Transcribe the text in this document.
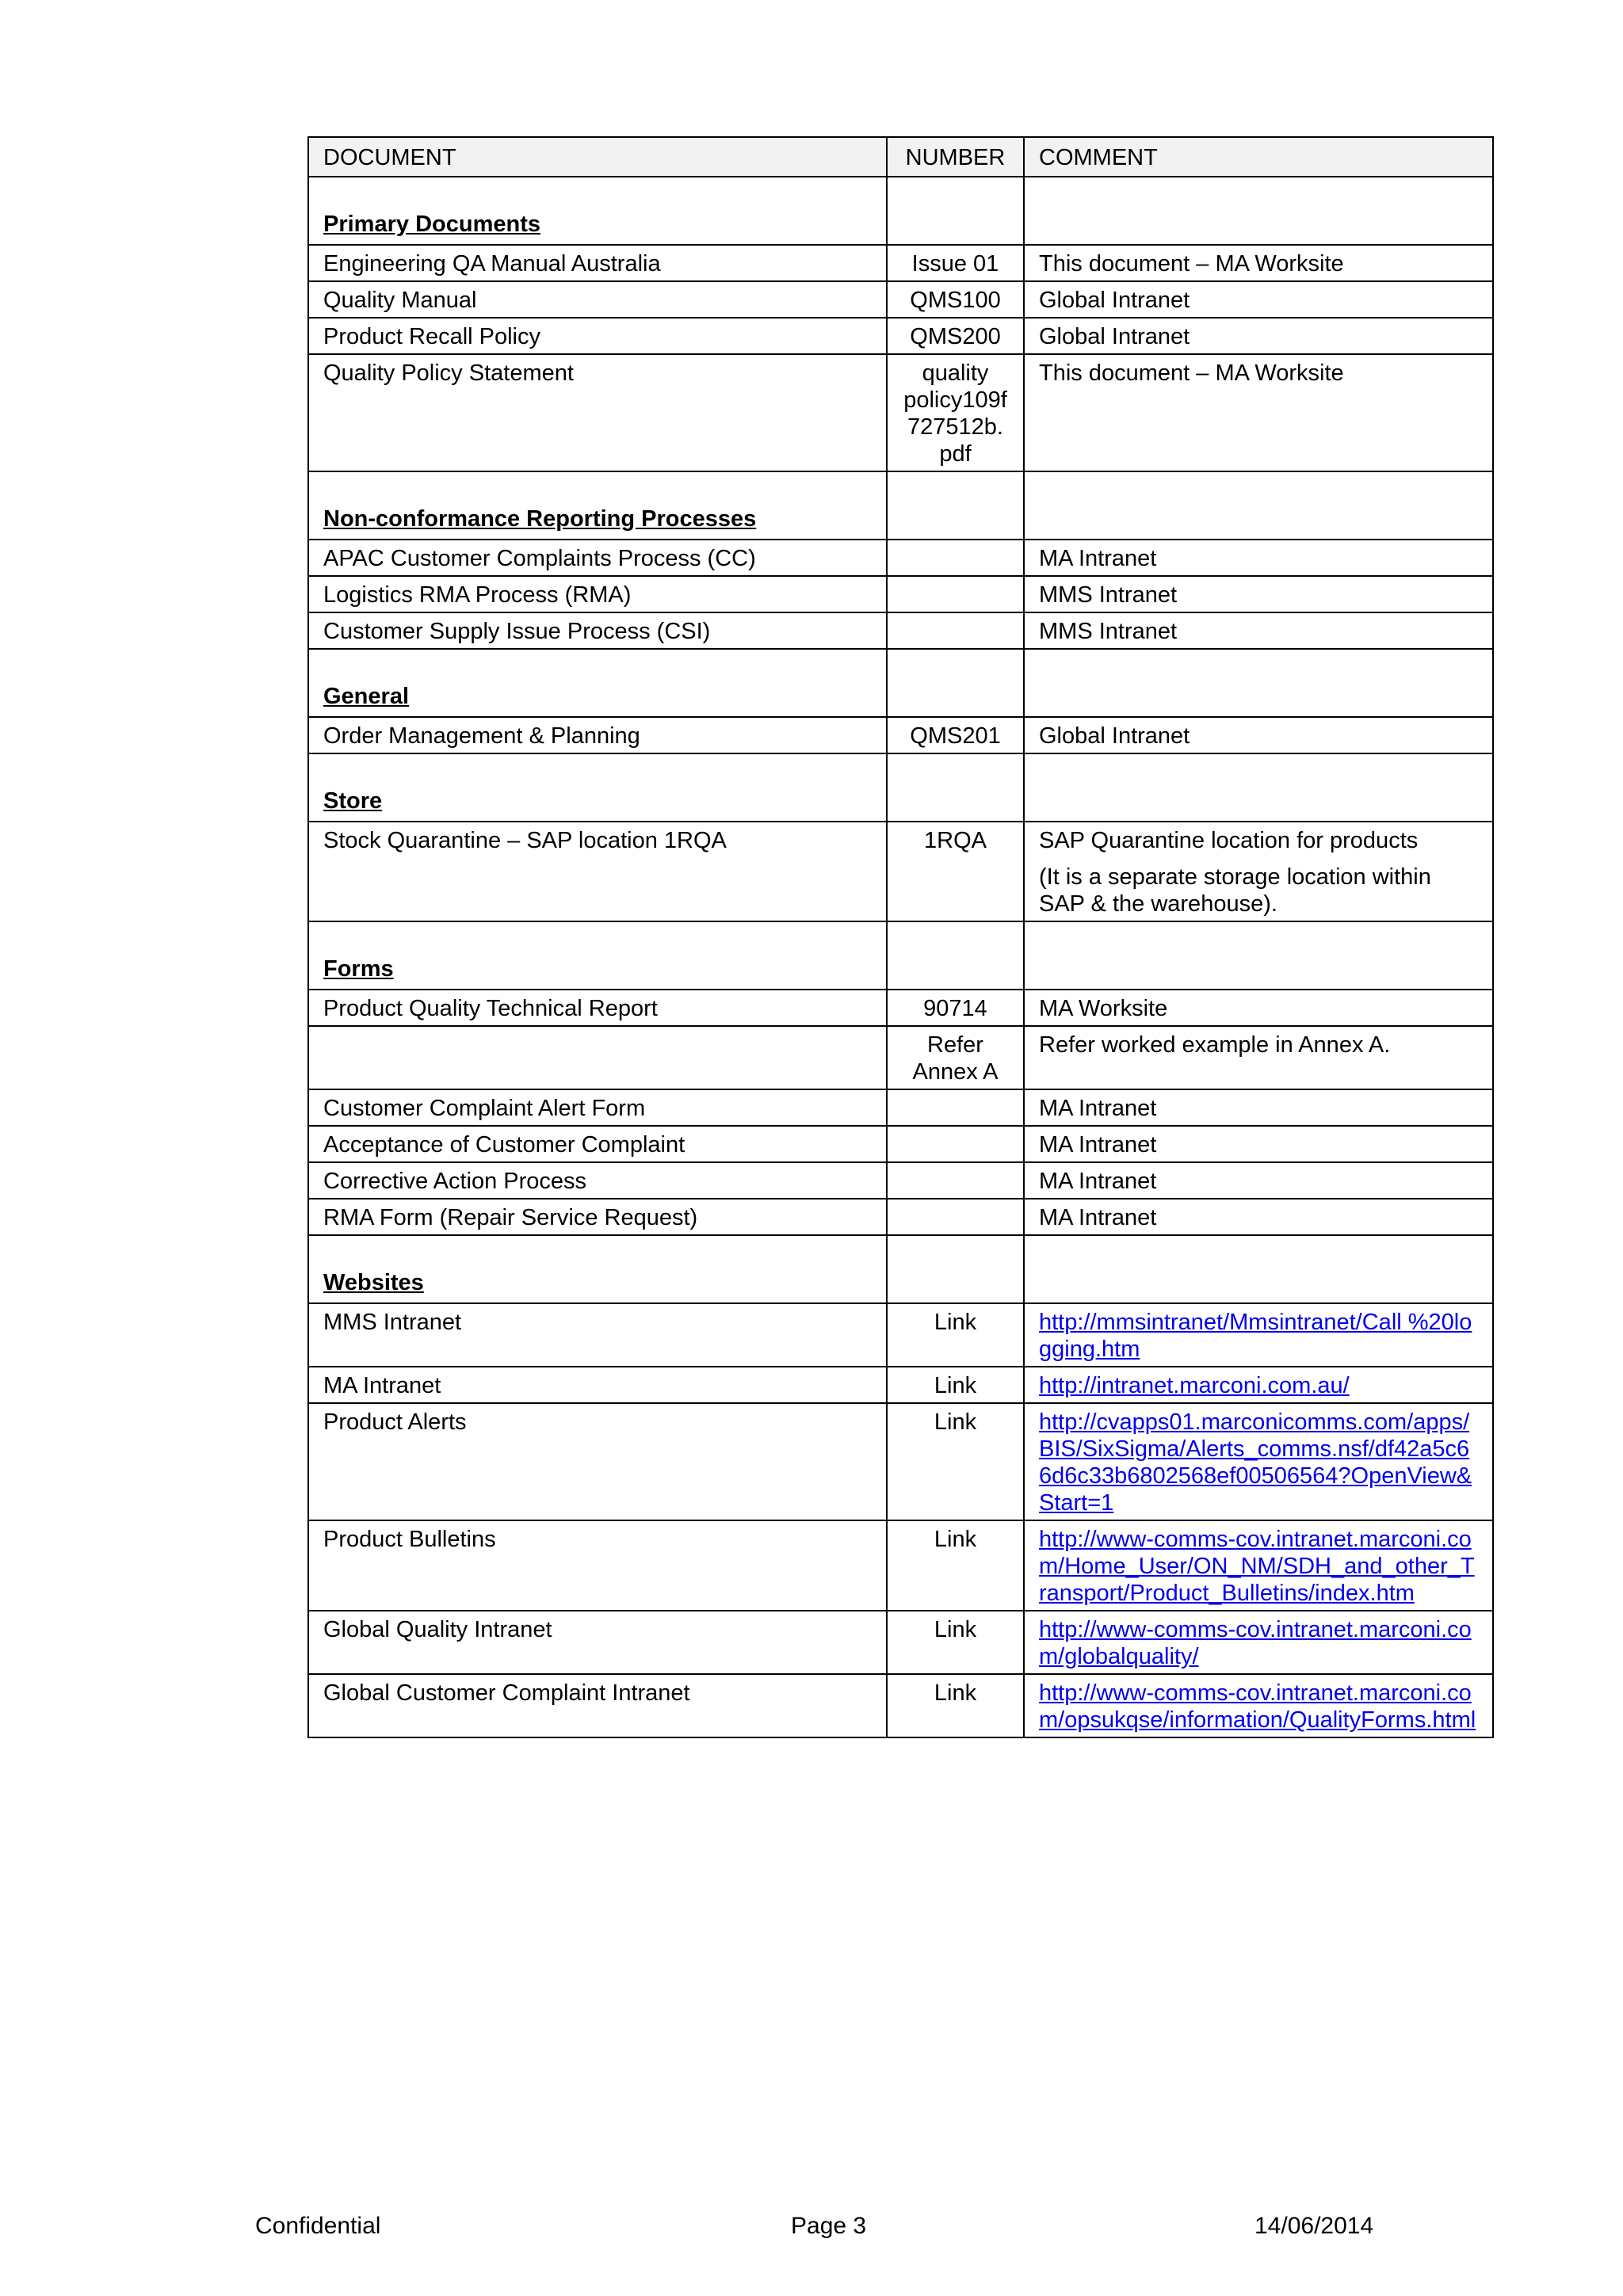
DOCUMENT	NUMBER	COMMENT
Primary Documents		
Engineering QA Manual Australia	Issue 01	This document – MA Worksite

Quality Manual	QMS100	Global Intranet

Product Recall Policy	QMS200	Global Intranet

Quality Policy Statement	quality policy109f 727512b. pdf	This document – MA Worksite

Non-conformance Reporting Processes		
APAC Customer Complaints Process (CC)		MA Intranet

Logistics RMA Process (RMA)		MMS Intranet

Customer Supply Issue Process (CSI)		MMS Intranet

General		
Order Management & Planning	QMS201	Global Intranet

Store		
Stock Quarantine – SAP location 1RQA	1RQA	SAP Quarantine location for products
(It is a separate storage location within SAP & the warehouse).

Forms		
Product Quality Technical Report	90714	MA Worksite

	Refer Annex A	Refer worked example in Annex A.

Customer Complaint Alert Form		MA Intranet

Acceptance of Customer Complaint		MA Intranet

Corrective Action Process		MA Intranet

RMA Form (Repair Service Request)		MA Intranet

Websites		
MMS Intranet	Link	http://mmsintranet/Mmsintranet/Call %20logging.htm
MA Intranet	Link	http://intranet.marconi.com.au/
Product Alerts	Link	http://cvapps01.marconicomms.com/apps/BIS/SixSigma/Alerts_comms.nsf/df42a5c66d6c33b6802568ef00506564?OpenView&Start=1
Product Bulletins	Link	http://www-comms-cov.intranet.marconi.com/Home_User/ON_NM/SDH_and_other_Transport/Product_Bulletins/index.htm
Global Quality Intranet	Link	http://www-comms-cov.intranet.marconi.com/globalquality/
Global Customer Complaint Intranet	Link	http://www-comms-cov.intranet.marconi.com/opsukqse/information/QualityForms.html
Confidential	Page 3	14/06/2014
